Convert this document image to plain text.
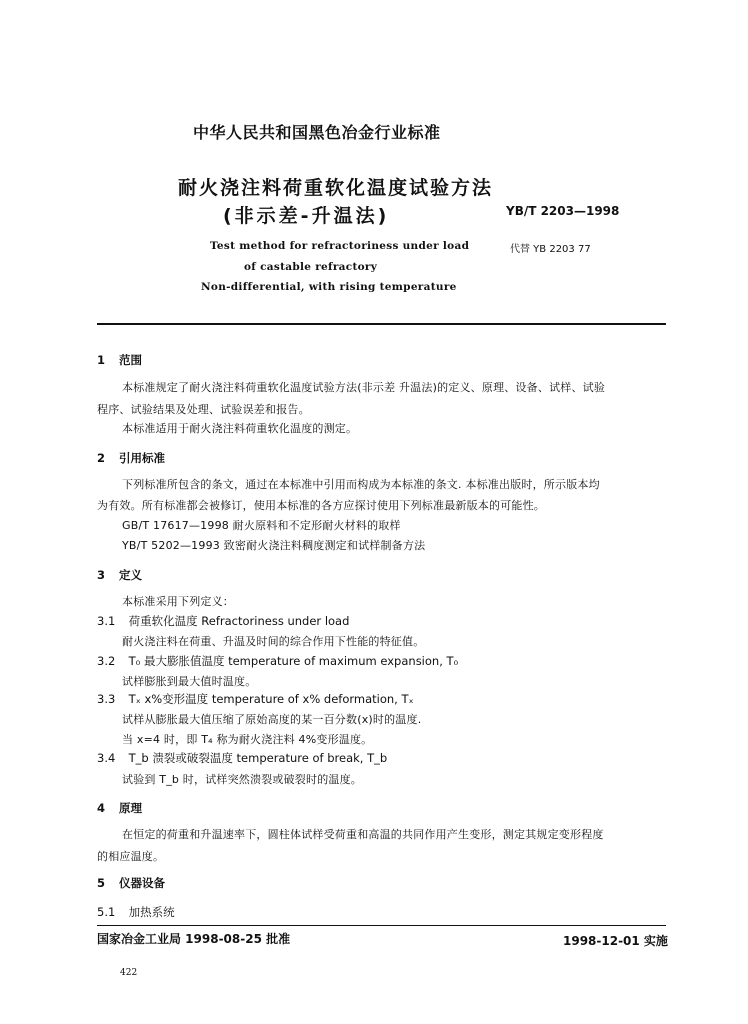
中华人民共和国黑色冶金行业标准
耐火浇注料荷重软化温度试验方法
(非示差-升温法)	YB/T 2203—1998
Test method for refractoriness under load	代替 YB 2203 77
of castable refractory
Non-differential, with rising temperature
1 范围
本标准规定了耐火浇注料荷重软化温度试验方法(非示差 升温法)的定义、原理、设备、试样、试验
程序、试验结果及处理、试验误差和报告。
本标准适用于耐火浇注料荷重软化温度的测定。
2 引用标准
下列标准所包含的条文，通过在本标准中引用而构成为本标准的条文. 本标准出版时，所示版本均
为有效。所有标准都会被修订，使用本标准的各方应探讨使用下列标准最新版本的可能性。
GB/T 17617—1998 耐火原料和不定形耐火材料的取样
YB/T 5202—1993 致密耐火浇注料稠度测定和试样制备方法
3 定义
本标准采用下列定义：
3.1 荷重软化温度 Refractoriness under load
耐火浇注料在荷重、升温及时间的综合作用下性能的特征值。
3.2 T₀ 最大膨胀值温度 temperature of maximum expansion, T₀
试样膨胀到最大值时温度。
3.3 Tₓ x%变形温度 temperature of x% deformation, Tₓ
试样从膨胀最大值压缩了原始高度的某一百分数(x)时的温度.
当 x=4 时，即 T₄ 称为耐火浇注料 4%变形温度。
3.4 T_b 溃裂或破裂温度 temperature of break, T_b
试验到 T_b 时，试样突然溃裂或破裂时的温度。
4 原理
在恒定的荷重和升温速率下，圆柱体试样受荷重和高温的共同作用产生变形，测定其规定变形程度
的相应温度。
5 仪器设备
5.1 加热系统
国家冶金工业局 1998-08-25 批准	1998-12-01 实施
422
